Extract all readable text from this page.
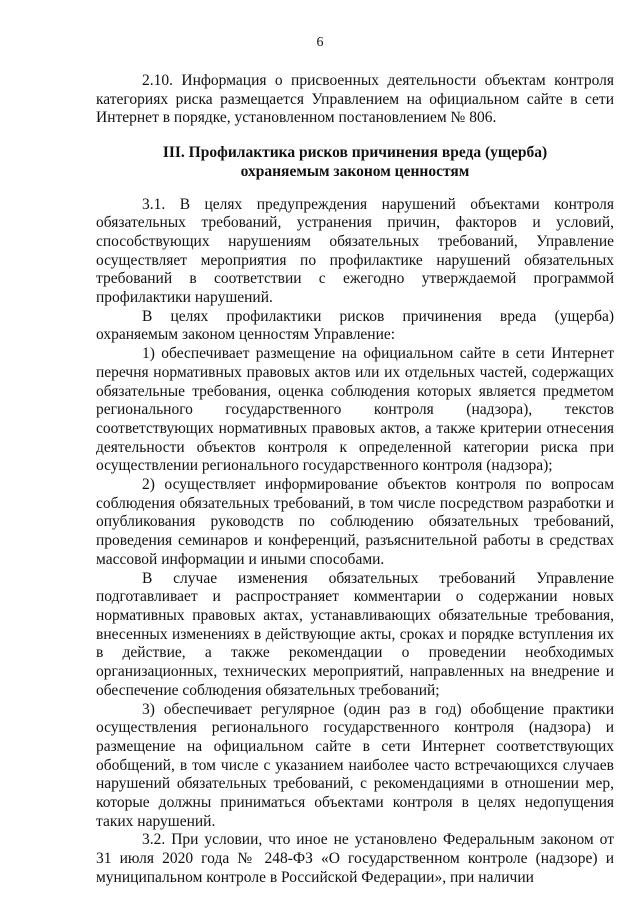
6

2.10. Информация о присвоенных деятельности объектам контроля категориях риска размещается Управлением на официальном сайте в сети Интернет в порядке, установленном постановлением № 806.

III. Профилактика рисков причинения вреда (ущерба)

охраняемым законом ценностям

3.1. В целях предупреждения нарушений объектами контроля обязательных требований, устранения причин, факторов и условий, способствующих нарушениям обязательных требований, Управление осуществляет мероприятия по профилактике нарушений обязательных требований в соответствии с ежегодно утверждаемой программой профилактики нарушений.

В целях профилактики рисков причинения вреда (ущерба) охраняемым законом ценностям Управление:

1) обеспечивает размещение на официальном сайте в сети Интернет перечня нормативных правовых актов или их отдельных частей, содержащих обязательные требования, оценка соблюдения которых является предметом регионального государственного контроля (надзора), текстов соответствующих нормативных правовых актов, а также критерии отнесения деятельности объектов контроля к определенной категории риска при осуществлении регионального государственного контроля (надзора);

2) осуществляет информирование объектов контроля по вопросам соблюдения обязательных требований, в том числе посредством разработки и опубликования руководств по соблюдению обязательных требований, проведения семинаров и конференций, разъяснительной работы в средствах массовой информации и иными способами.

В случае изменения обязательных требований Управление подготавливает и распространяет комментарии о содержании новых нормативных правовых актах, устанавливающих обязательные требования, внесенных изменениях в действующие акты, сроках и порядке вступления их в действие, а также рекомендации о проведении необходимых организационных, технических мероприятий, направленных на внедрение и обеспечение соблюдения обязательных требований;

3) обеспечивает регулярное (один раз в год) обобщение практики осуществления регионального государственного контроля (надзора) и размещение на официальном сайте в сети Интернет соответствующих обобщений, в том числе с указанием наиболее часто встречающихся случаев нарушений обязательных требований, с рекомендациями в отношении мер, которые должны приниматься объектами контроля в целях недопущения таких нарушений.

3.2. При условии, что иное не установлено Федеральным законом от 31 июля 2020 года № 248-ФЗ «О государственном контроле (надзоре) и муниципальном контроле в Российской Федерации», при наличии
